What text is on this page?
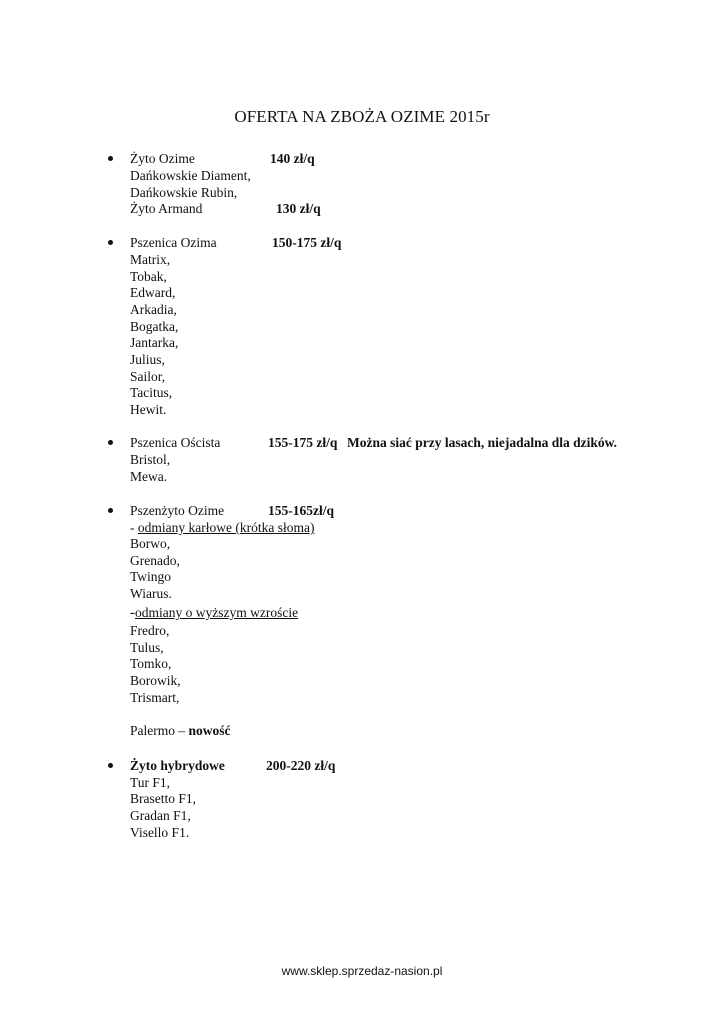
OFERTA NA ZBOŻA OZIME 2015r
Żyto Ozime	140 zł/q
Dańkowskie Diament,
Dańkowskie Rubin,
Żyto Armand	130 zł/q
Pszenica Ozima	150-175 zł/q
Matrix,
Tobak,
Edward,
Arkadia,
Bogatka,
Jantarka,
Julius,
Sailor,
Tacitus,
Hewit.
Pszenica Oścista	155-175 zł/q Można siać przy lasach, niejadalna dla dzików.
Bristol,
Mewa.
Pszenżyto Ozime	155-165zł/q
- odmiany karłowe (krótka słoma)
Borwo,
Grenado,
Twingo
Wiarus.
-odmiany o wyższym wzroście
Fredro,
Tulus,
Tomko,
Borowik,
Trismart,
Palermo – nowość
Żyto hybrydowe	200-220 zł/q
Tur F1,
Brasetto F1,
Gradan F1,
Visello F1.
www.sklep.sprzedaz-nasion.pl
